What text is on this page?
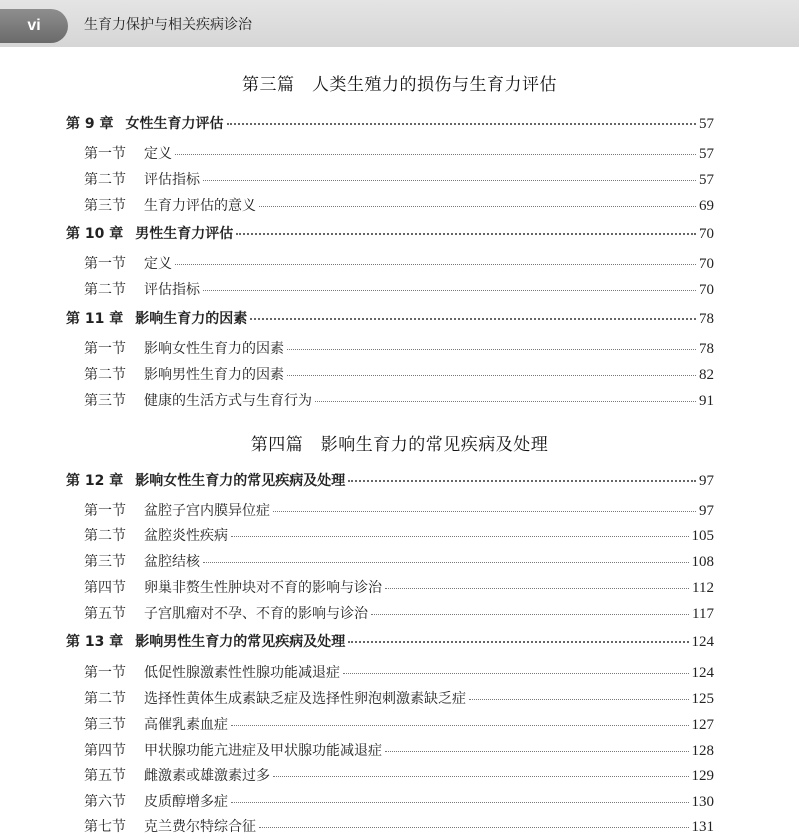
vi	生育力保护与相关疾病诊治
第三篇　人类生殖力的损伤与生育力评估
第 9 章 女性生育力评估	57
第一节 定义	57
第二节 评估指标	57
第三节 生育力评估的意义	69
第 10 章 男性生育力评估	70
第一节 定义	70
第二节 评估指标	70
第 11 章 影响生育力的因素	78
第一节 影响女性生育力的因素	78
第二节 影响男性生育力的因素	82
第三节 健康的生活方式与生育行为	91
第四篇　影响生育力的常见疾病及处理
第 12 章 影响女性生育力的常见疾病及处理	97
第一节 盆腔子宫内膜异位症	97
第二节 盆腔炎性疾病	105
第三节 盆腔结核	108
第四节 卵巢非赘生性肿块对不育的影响与诊治	112
第五节 子宫肌瘤对不孕、不育的影响与诊治	117
第 13 章 影响男性生育力的常见疾病及处理	124
第一节 低促性腺激素性性腺功能减退症	124
第二节 选择性黄体生成素缺乏症及选择性卵泡刺激素缺乏症	125
第三节 高催乳素血症	127
第四节 甲状腺功能亢进症及甲状腺功能减退症	128
第五节 雌激素或雄激素过多	129
第六节 皮质醇增多症	130
第七节 克兰费尔特综合征	131
